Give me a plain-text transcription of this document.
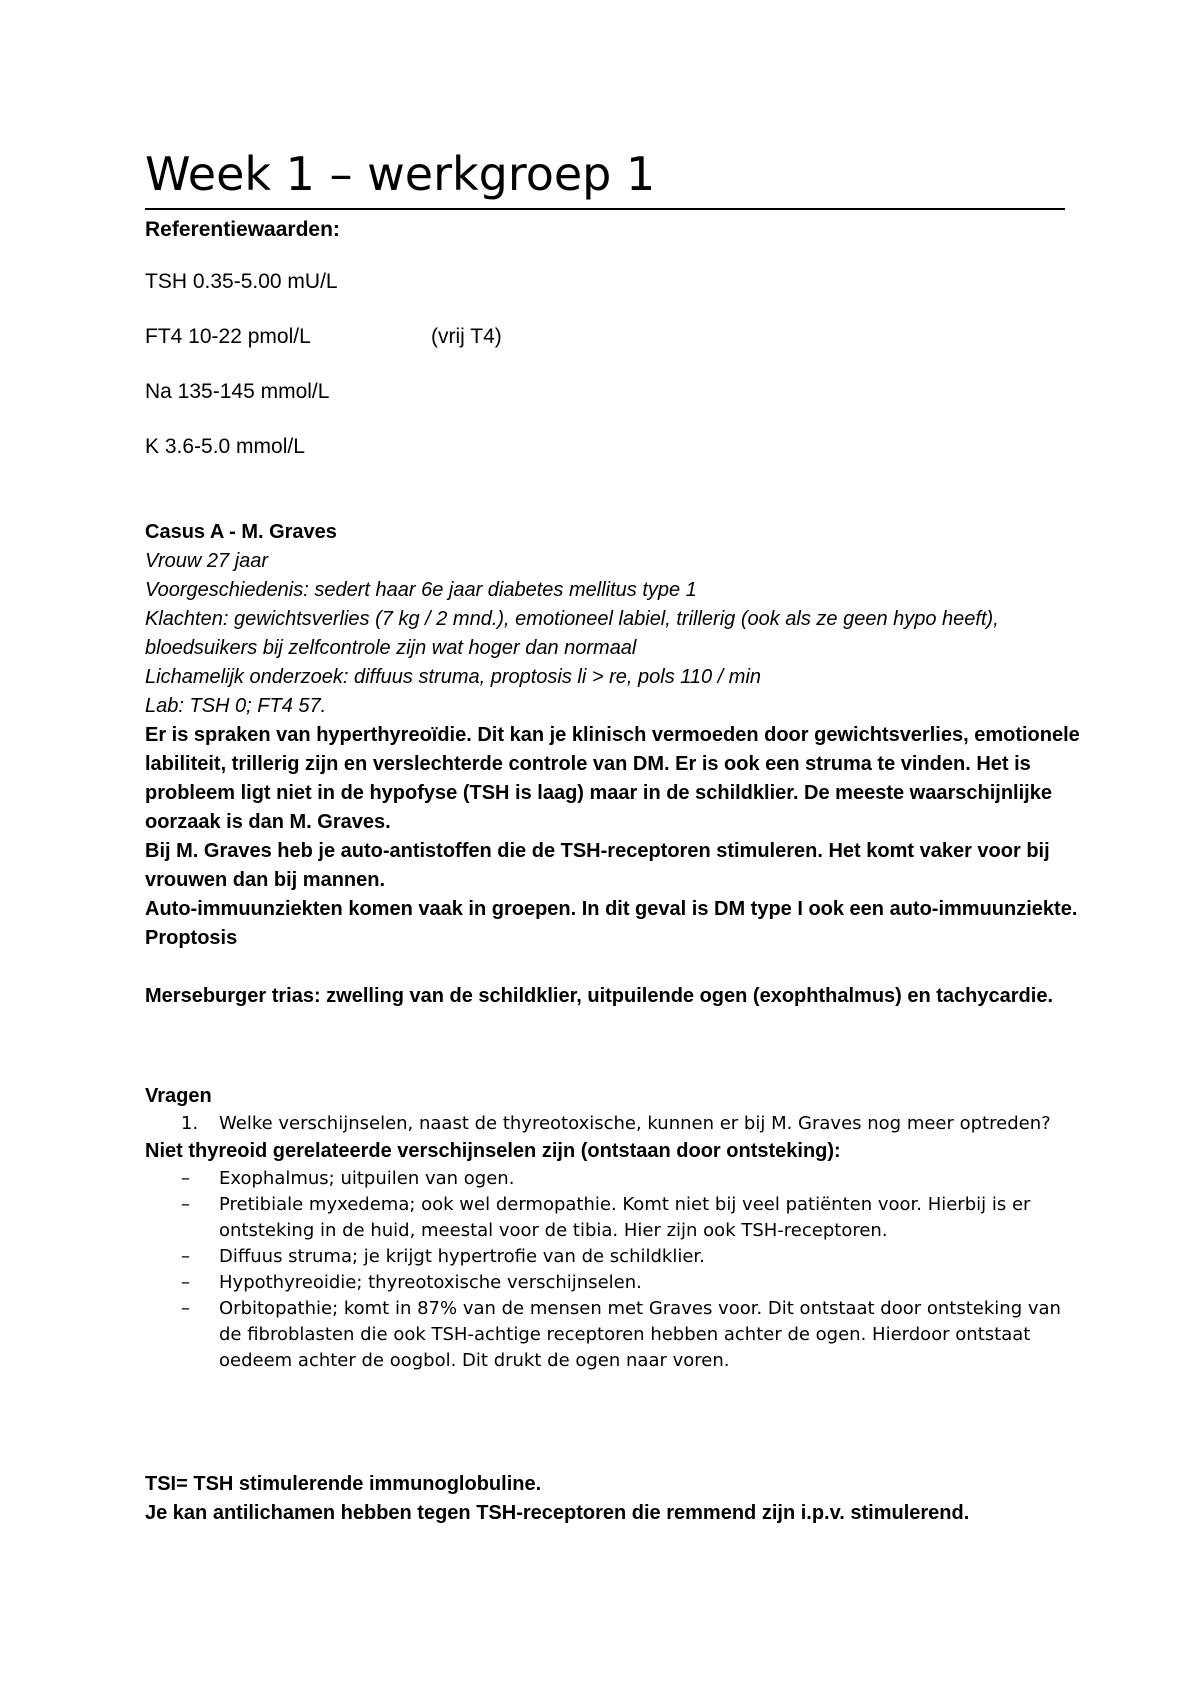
Week 1 – werkgroep 1
Referentiewaarden:
TSH 0.35-5.00 mU/L
FT4 10-22 pmol/L	(vrij T4)
Na 135-145 mmol/L
K 3.6-5.0 mmol/L

Casus A - M. Graves

Vrouw 27 jaar

Voorgeschiedenis: sedert haar 6e jaar diabetes mellitus type 1

Klachten: gewichtsverlies (7 kg / 2 mnd.), emotioneel labiel, trillerig (ook als ze geen hypo heeft), bloedsuikers bij zelfcontrole zijn wat hoger dan normaal

Lichamelijk onderzoek: diffuus struma, proptosis li > re, pols 110 / min

Lab: TSH 0; FT4 57.

Er is spraken van hyperthyreoïdie. Dit kan je klinisch vermoeden door gewichtsverlies, emotionele labiliteit, trillerig zijn en verslechterde controle van DM. Er is ook een struma te vinden. Het is probleem ligt niet in de hypofyse (TSH is laag) maar in de schildklier. De meeste waarschijnlijke oorzaak is dan M. Graves.

Bij M. Graves heb je auto-antistoffen die de TSH-receptoren stimuleren. Het komt vaker voor bij vrouwen dan bij mannen.

Auto-immuunziekten komen vaak in groepen. In dit geval is DM type I ook een auto-immuunziekte. Proptosis

Merseburger trias: zwelling van de schildklier, uitpuilende ogen (exophthalmus) en tachycardie.

Vragen

1. Welke verschijnselen, naast de thyreotoxische, kunnen er bij M. Graves nog meer optreden?

Niet thyreoid gerelateerde verschijnselen zijn (ontstaan door ontsteking):

– Exophalmus; uitpuilen van ogen.
– Pretibiale myxedema; ook wel dermopathie. Komt niet bij veel patiënten voor. Hierbij is er ontsteking in de huid, meestal voor de tibia. Hier zijn ook TSH-receptoren.
– Diffuus struma; je krijgt hypertrofie van de schildklier.
– Hypothyreoidie; thyreotoxische verschijnselen.
– Orbitopathie; komt in 87% van de mensen met Graves voor. Dit ontstaat door ontsteking van de fibroblasten die ook TSH-achtige receptoren hebben achter de ogen. Hierdoor ontstaat oedeem achter de oogbol. Dit drukt de ogen naar voren.

TSI= TSH stimulerende immunoglobuline.

Je kan antilichamen hebben tegen TSH-receptoren die remmend zijn i.p.v. stimulerend.
